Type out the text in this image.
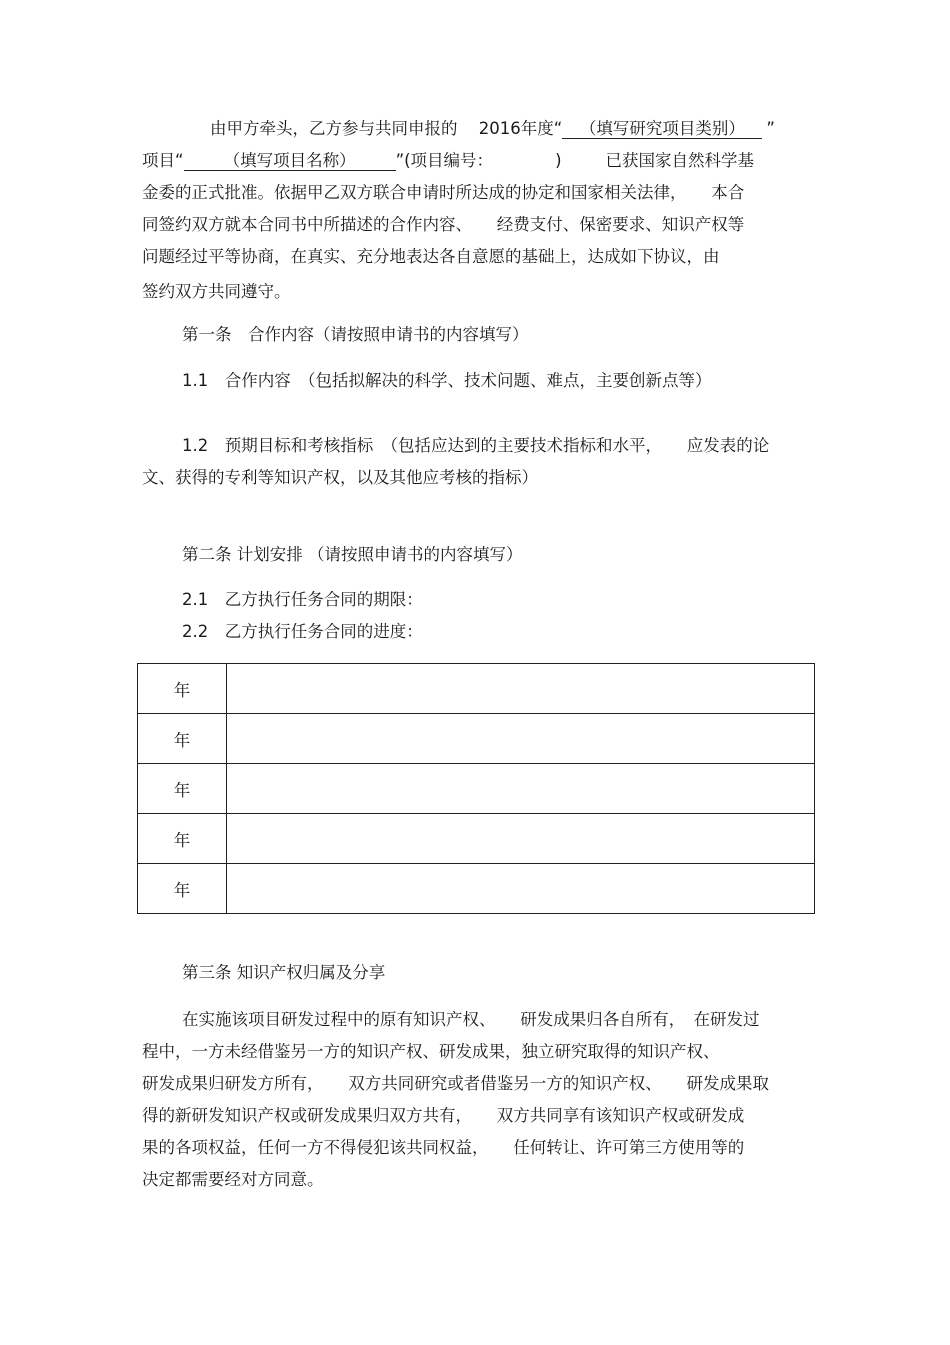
由甲方牵头，乙方参与共同申报的 2016年度“ （填写研究项目类别） ”
项目“ （填写项目名称） ”(项目编号：	)	已获国家自然科学基
金委的正式批准。依据甲乙双方联合申请时所达成的协定和国家相关法律，　　本合
同签约双方就本合同书中所描述的合作内容、　　经费支付、保密要求、知识产权等
问题经过平等协商，在真实、充分地表达各自意愿的基础上，达成如下协议，由
签约双方共同遵守。
第一条　合作内容（请按照申请书的内容填写）
1.1　合作内容　（包括拟解决的科学、技术问题、难点，主要创新点等）
1.2　预期目标和考核指标　（包括应达到的主要技术指标和水平，　　应发表的论
文、获得的专利等知识产权，以及其他应考核的指标）
第二条 计划安排 （请按照申请书的内容填写）
2.1　乙方执行任务合同的期限：
2.2　乙方执行任务合同的进度：
年	
年	
年	
年	
年	
第三条 知识产权归属及分享
在实施该项目研发过程中的原有知识产权、　　研发成果归各自所有，　在研发过
程中，一方未经借鉴另一方的知识产权、研发成果，独立研究取得的知识产权、
研发成果归研发方所有，　　双方共同研究或者借鉴另一方的知识产权、　　研发成果取
得的新研发知识产权或研发成果归双方共有，　　双方共同享有该知识产权或研发成
果的各项权益，任何一方不得侵犯该共同权益，　　任何转让、许可第三方使用等的
决定都需要经对方同意。
